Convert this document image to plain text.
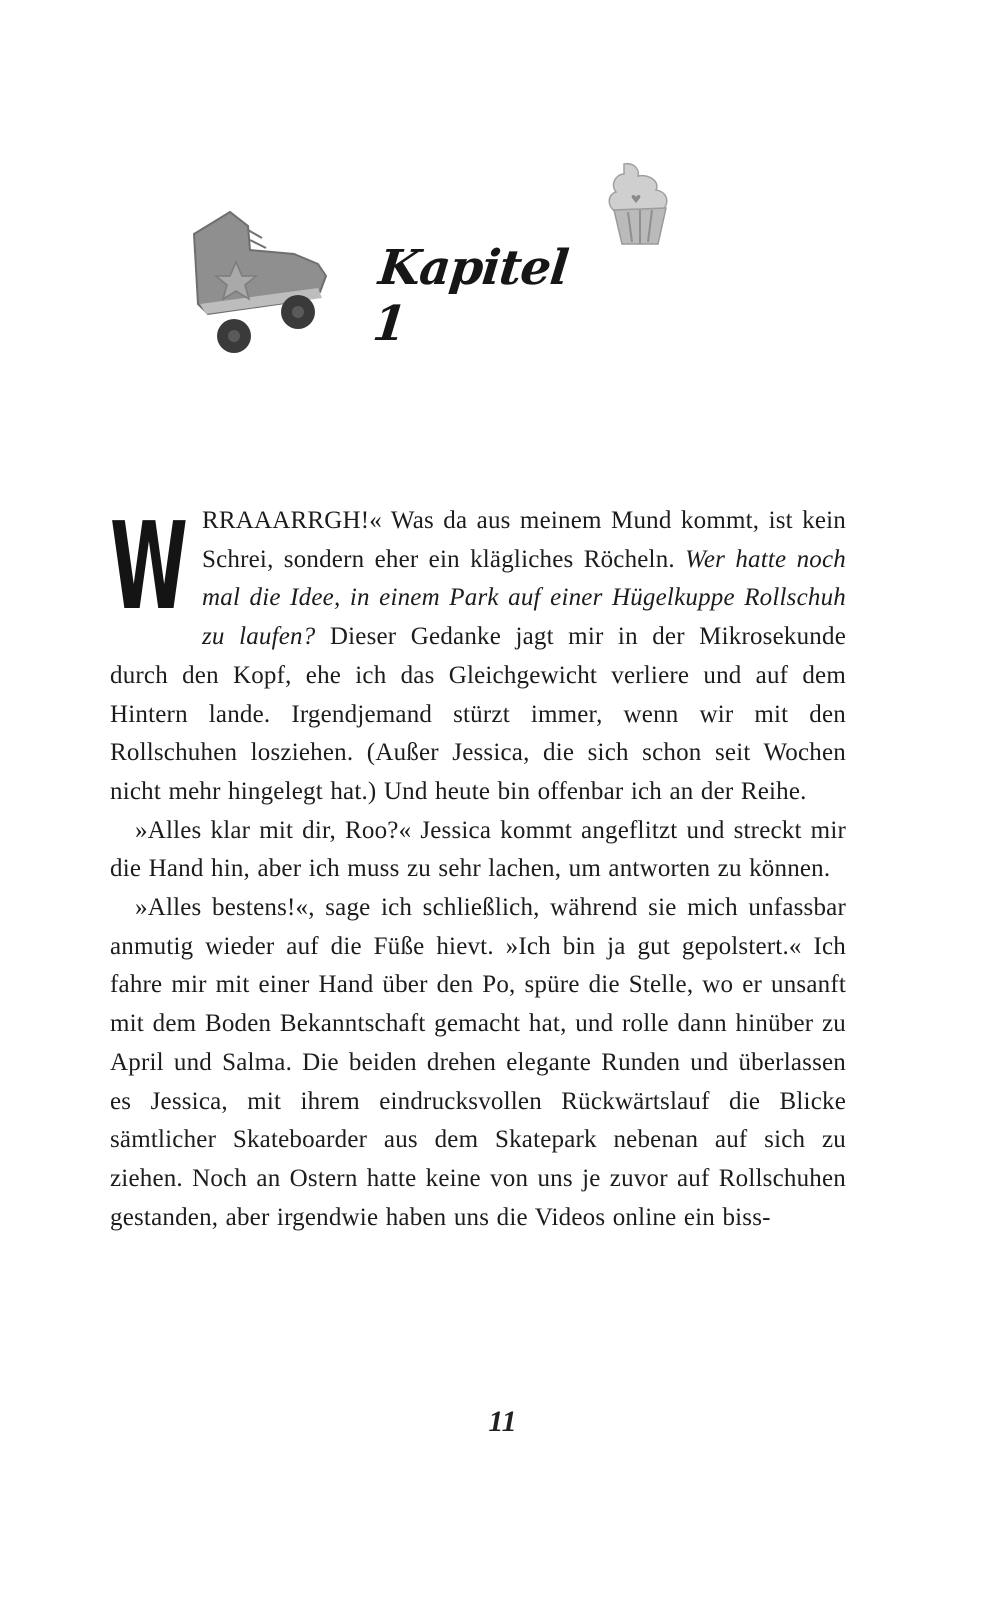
Kapitel 1

W RRAAARRGH!« Was da aus meinem Mund kommt, ist kein Schrei, sondern eher ein klägliches Röcheln. Wer hatte noch mal die Idee, in einem Park auf einer Hügelkuppe Rollschuh zu laufen? Dieser Gedanke jagt mir in der Mikrosekunde durch den Kopf, ehe ich das Gleichgewicht verliere und auf dem Hintern lande. Irgendjemand stürzt immer, wenn wir mit den Rollschuhen losziehen. (Außer Jessica, die sich schon seit Wochen nicht mehr hingelegt hat.) Und heute bin offenbar ich an der Reihe.

»Alles klar mit dir, Roo?« Jessica kommt angeflitzt und streckt mir die Hand hin, aber ich muss zu sehr lachen, um antworten zu können.

»Alles bestens!«, sage ich schließlich, während sie mich unfassbar anmutig wieder auf die Füße hievt. »Ich bin ja gut gepolstert.« Ich fahre mir mit einer Hand über den Po, spüre die Stelle, wo er unsanft mit dem Boden Bekanntschaft gemacht hat, und rolle dann hinüber zu April und Salma. Die beiden drehen elegante Runden und überlassen es Jessica, mit ihrem eindrucksvollen Rückwärtslauf die Blicke sämtlicher Skateboarder aus dem Skatepark nebenan auf sich zu ziehen. Noch an Ostern hatte keine von uns je zuvor auf Rollschuhen gestanden, aber irgendwie haben uns die Videos online ein biss-

11
